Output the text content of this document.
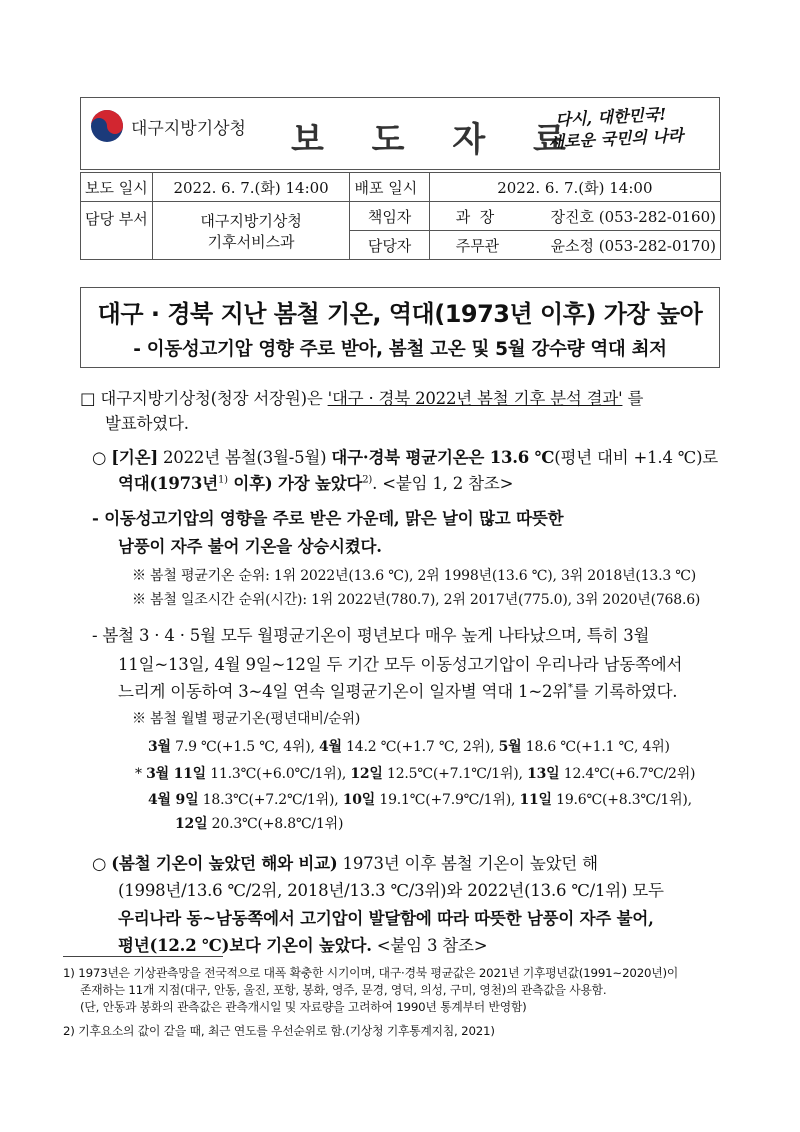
대구지방기상청 보 도 자 료
다시, 대한민국!
새로운 국민의 나라
보도 일시	2022. 6. 7.(화) 14:00	배포 일시	2022. 6. 7.(화) 14:00
담당 부서	대구지방기상청
기후서비스과	책임자	과  장 장진호 (053-282-0160)
		담당자	주무관 윤소정 (053-282-0170)
대구 · 경북 지난 봄철 기온, 역대(1973년 이후) 가장 높아
- 이동성고기압 영향 주로 받아, 봄철 고온 및 5월 강수량 역대 최저
□ 대구지방기상청(청장 서장원)은 '대구 · 경북 2022년 봄철 기후 분석 결과' 를
발표하였다.
○ [기온] 2022년 봄철(3월-5월) 대구·경북 평균기온은 13.6 ℃(평년 대비 +1.4 ℃)로
역대(1973년$^{1)}$ 이후) 가장 높았다$^{2)}$. <붙임 1, 2 참조>
- 이동성고기압의 영향을 주로 받은 가운데, 맑은 날이 많고 따뜻한
남풍이 자주 불어 기온을 상승시켰다.
※ 봄철 평균기온 순위: 1위 2022년(13.6 ℃), 2위 1998년(13.6 ℃), 3위 2018년(13.3 ℃)
※ 봄철 일조시간 순위(시간): 1위 2022년(780.7), 2위 2017년(775.0), 3위 2020년(768.6)
- 봄철 3 · 4 · 5월 모두 월평균기온이 평년보다 매우 높게 나타났으며, 특히 3월
11일~13일, 4월 9일~12일 두 기간 모두 이동성고기압이 우리나라 남동쪽에서
느리게 이동하여 3~4일 연속 일평균기온이 일자별 역대 1~2위*를 기록하였다.
※ 봄철 월별 평균기온(평년대비/순위)
3월 7.9 ℃(+1.5 ℃, 4위), 4월 14.2 ℃(+1.7 ℃, 2위), 5월 18.6 ℃(+1.1 ℃, 4위)
* 3월 11일 11.3℃(+6.0℃/1위), 12일 12.5℃(+7.1℃/1위), 13일 12.4℃(+6.7℃/2위)
4월 9일 18.3℃(+7.2℃/1위), 10일 19.1℃(+7.9℃/1위), 11일 19.6℃(+8.3℃/1위),
12일 20.3℃(+8.8℃/1위)
○ (봄철 기온이 높았던 해와 비교) 1973년 이후 봄철 기온이 높았던 해
(1998년/13.6 ℃/2위, 2018년/13.3 ℃/3위)와 2022년(13.6 ℃/1위) 모두
우리나라 동~남동쪽에서 고기압이 발달함에 따라 따뜻한 남풍이 자주 불어,
평년(12.2 ℃)보다 기온이 높았다. <붙임 3 참조>
1) 1973년은 기상관측망을 전국적으로 대폭 확충한 시기이며, 대구·경북 평균값은 2021년 기후평년값(1991~2020년)이
존재하는 11개 지점(대구, 안동, 울진, 포항, 봉화, 영주, 문경, 영덕, 의성, 구미, 영천)의 관측값을 사용함.
(단, 안동과 봉화의 관측값은 관측개시일 및 자료량을 고려하여 1990년 통계부터 반영함)
2) 기후요소의 값이 같을 때, 최근 연도를 우선순위로 함.(기상청 기후통계지침, 2021)
